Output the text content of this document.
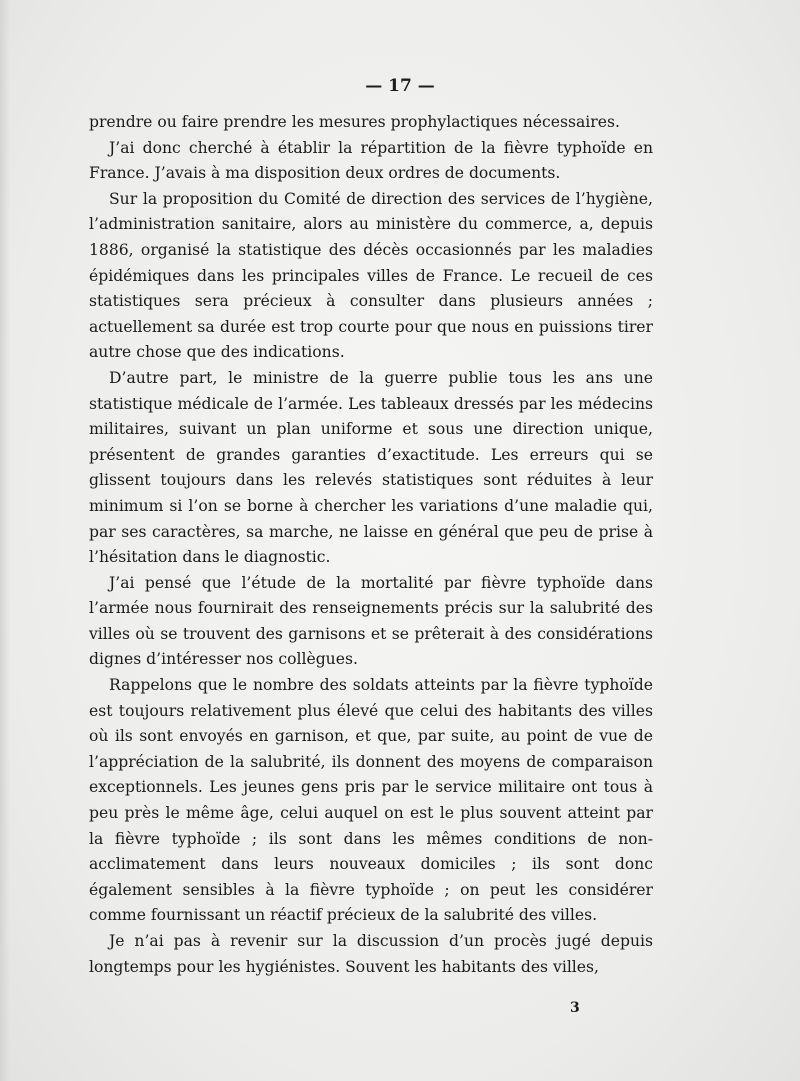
— 17 —

prendre ou faire prendre les mesures prophylactiques nécessaires.

J’ai donc cherché à établir la répartition de la fièvre typhoïde en France. J’avais à ma disposition deux ordres de documents.

Sur la proposition du Comité de direction des services de l’hygiène, l’administration sanitaire, alors au ministère du commerce, a, depuis 1886, organisé la statistique des décès occasionnés par les maladies épidémiques dans les principales villes de France. Le recueil de ces statistiques sera précieux à consulter dans plusieurs années ; actuellement sa durée est trop courte pour que nous en puissions tirer autre chose que des indications.

D’autre part, le ministre de la guerre publie tous les ans une statistique médicale de l’armée. Les tableaux dressés par les médecins militaires, suivant un plan uniforme et sous une direction unique, présentent de grandes garanties d’exactitude. Les erreurs qui se glissent toujours dans les relevés statistiques sont réduites à leur minimum si l’on se borne à chercher les variations d’une maladie qui, par ses caractères, sa marche, ne laisse en général que peu de prise à l’hésitation dans le diagnostic.

J’ai pensé que l’étude de la mortalité par fièvre typhoïde dans l’armée nous fournirait des renseignements précis sur la salubrité des villes où se trouvent des garnisons et se prêterait à des considérations dignes d’intéresser nos collègues.

Rappelons que le nombre des soldats atteints par la fièvre typhoïde est toujours relativement plus élevé que celui des habitants des villes où ils sont envoyés en garnison, et que, par suite, au point de vue de l’appréciation de la salubrité, ils donnent des moyens de comparaison exceptionnels. Les jeunes gens pris par le service militaire ont tous à peu près le même âge, celui auquel on est le plus souvent atteint par la fièvre typhoïde ; ils sont dans les mêmes conditions de non-acclimatement dans leurs nouveaux domiciles ; ils sont donc également sensibles à la fièvre typhoïde ; on peut les considérer comme fournissant un réactif précieux de la salubrité des villes.

Je n’ai pas à revenir sur la discussion d’un procès jugé depuis longtemps pour les hygiénistes. Souvent les habitants des villes,

3
